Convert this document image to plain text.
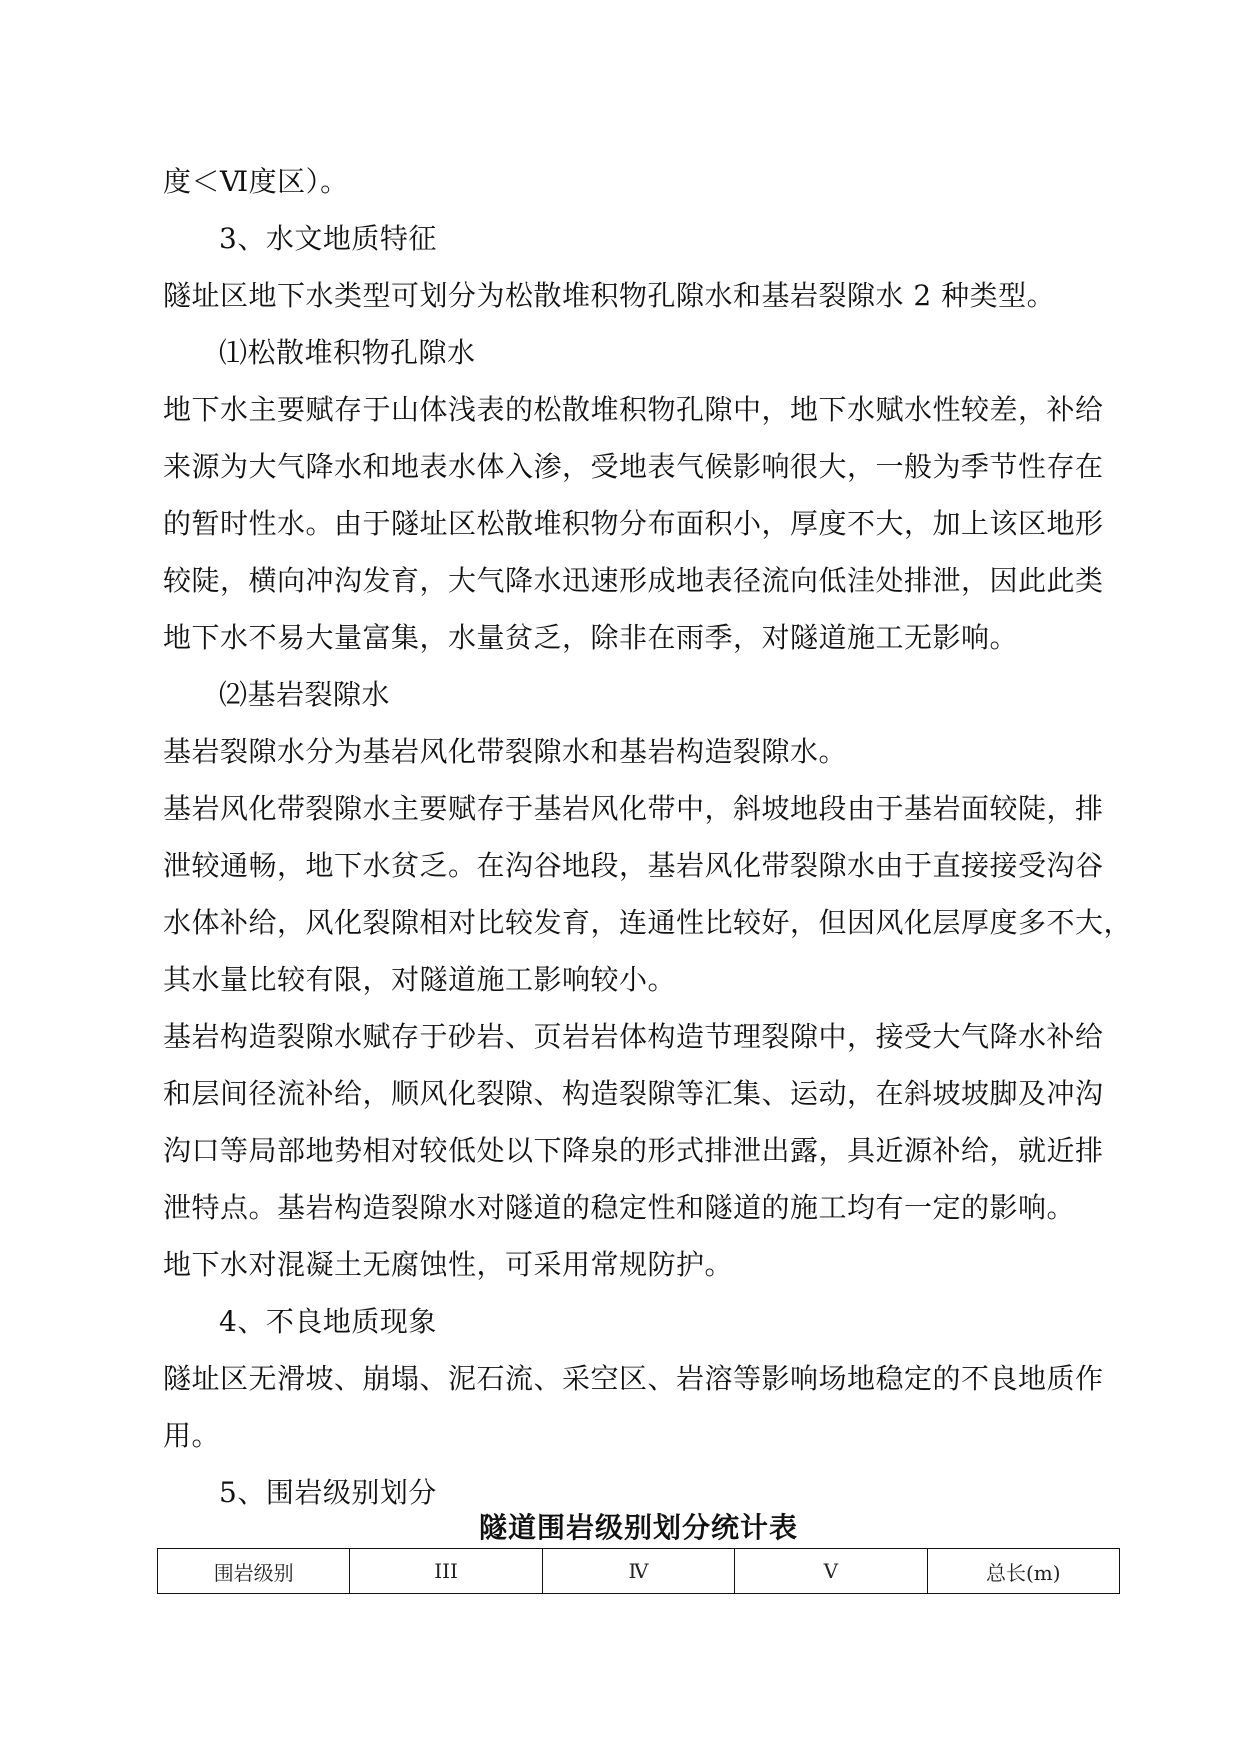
度＜Ⅵ度区）。
3、水文地质特征
隧址区地下水类型可划分为松散堆积物孔隙水和基岩裂隙水 2 种类型。
⑴松散堆积物孔隙水
地下水主要赋存于山体浅表的松散堆积物孔隙中，地下水赋水性较差，补给
来源为大气降水和地表水体入渗，受地表气候影响很大，一般为季节性存在
的暂时性水。由于隧址区松散堆积物分布面积小，厚度不大，加上该区地形
较陡，横向冲沟发育，大气降水迅速形成地表径流向低洼处排泄，因此此类
地下水不易大量富集，水量贫乏，除非在雨季，对隧道施工无影响。
⑵基岩裂隙水
基岩裂隙水分为基岩风化带裂隙水和基岩构造裂隙水。
基岩风化带裂隙水主要赋存于基岩风化带中，斜坡地段由于基岩面较陡，排
泄较通畅，地下水贫乏。在沟谷地段，基岩风化带裂隙水由于直接接受沟谷
水体补给，风化裂隙相对比较发育，连通性比较好，但因风化层厚度多不大，
其水量比较有限，对隧道施工影响较小。
基岩构造裂隙水赋存于砂岩、页岩岩体构造节理裂隙中，接受大气降水补给
和层间径流补给，顺风化裂隙、构造裂隙等汇集、运动，在斜坡坡脚及冲沟
沟口等局部地势相对较低处以下降泉的形式排泄出露，具近源补给，就近排
泄特点。基岩构造裂隙水对隧道的稳定性和隧道的施工均有一定的影响。
地下水对混凝土无腐蚀性，可采用常规防护。
4、不良地质现象
隧址区无滑坡、崩塌、泥石流、采空区、岩溶等影响场地稳定的不良地质作
用。
5、围岩级别划分
隧道围岩级别划分统计表
围岩级别	III	Ⅳ	V	总长(m)
